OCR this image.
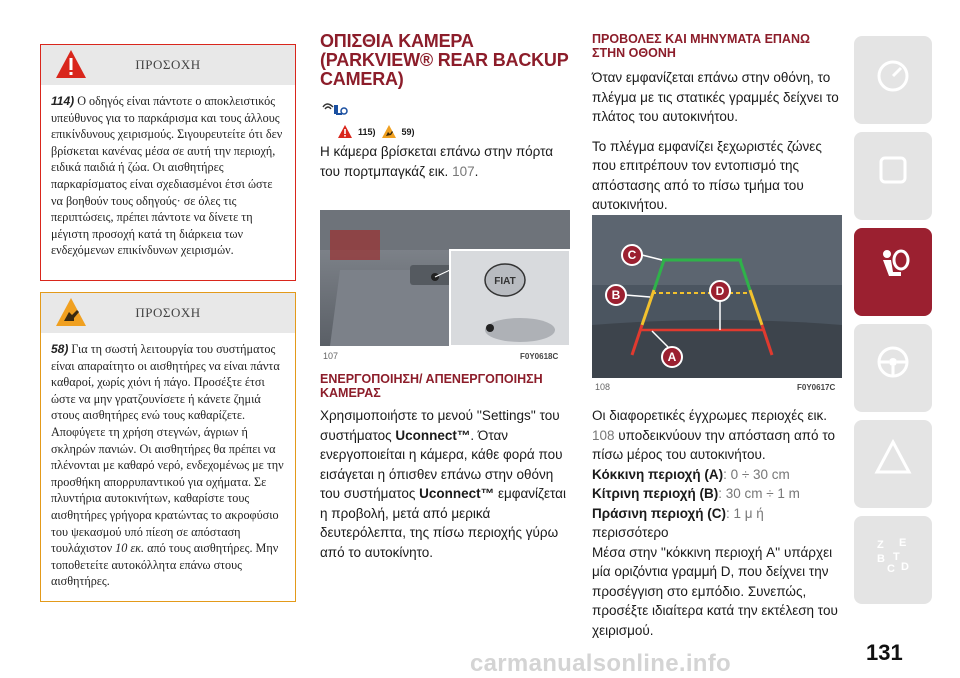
ΠΡΟΣΟΧΗ
114) Ο οδηγός είναι πάντοτε ο αποκλειστικός υπεύθυνος για το παρκάρισμα και τους άλλους επικίνδυνους χειρισμούς. Σιγουρευτείτε ότι δεν βρίσκεται κανένας μέσα σε αυτή την περιοχή, ειδικά παιδιά ή ζώα. Οι αισθητήρες παρκαρίσματος είναι σχεδιασμένοι έτσι ώστε να βοηθούν τους οδηγούς· σε όλες τις περιπτώσεις, πρέπει πάντοτε να δίνετε τη μέγιστη προσοχή κατά τη διάρκεια των ενδεχόμενων επικίνδυνων χειρισμών.
ΠΡΟΣΟΧΗ
58) Για τη σωστή λειτουργία του συστήματος είναι απαραίτητο οι αισθητήρες να είναι πάντα καθαροί, χωρίς χιόνι ή πάγο. Προσέξτε έτσι ώστε να μην γρατζουνίσετε ή κάνετε ζημιά στους αισθητήρες ενώ τους καθαρίζετε. Αποφύγετε τη χρήση στεγνών, άγριων ή σκληρών πανιών. Οι αισθητήρες θα πρέπει να πλένονται με καθαρό νερό, ενδεχομένως με την προσθήκη απορρυπαντικού για οχήματα. Σε πλυντήρια αυτοκινήτων, καθαρίστε τους αισθητήρες γρήγορα κρατώντας το ακροφύσιο του ψεκασμού υπό πίεση σε απόσταση τουλάχιστον 10 εκ. από τους αισθητήρες. Μην τοποθετείτε αυτοκόλλητα επάνω στους αισθητήρες.
ΟΠΙΣΘΙΑ ΚΑΜΕΡΑ (PARKVIEW® REAR BACKUP CAMERA)
115)	59)
Η κάμερα βρίσκεται επάνω στην πόρτα του πορτμπαγκάζ εικ. 107.
FIAT
107	F0Y0618C
ΕΝΕΡΓΟΠΟΙΗΣΗ/ ΑΠΕΝΕΡΓΟΠΟΙΗΣΗ ΚΑΜΕΡΑΣ
Χρησιμοποιήστε το μενού ''Settings'' του συστήματος Uconnect™. Όταν ενεργοποιείται η κάμερα, κάθε φορά που εισάγεται η όπισθεν επάνω στην οθόνη του συστήματος Uconnect™ εμφανίζεται η προβολή, μετά από μερικά δευτερόλεπτα, της πίσω περιοχής γύρω από το αυτοκίνητο.
ΠΡΟΒΟΛΕΣ ΚΑΙ ΜΗΝΥΜΑΤΑ ΕΠΑΝΩ ΣΤΗΝ ΟΘΟΝΗ
Όταν εμφανίζεται επάνω στην οθόνη, το πλέγμα με τις στατικές γραμμές δείχνει το πλάτος του αυτοκινήτου.
Το πλέγμα εμφανίζει ξεχωριστές ζώνες που επιτρέπουν τον εντοπισμό της απόστασης από το πίσω τμήμα του αυτοκινήτου.
C
B	D
A
108	F0Y0617C
Οι διαφορετικές έγχρωμες περιοχές εικ. 108 υποδεικνύουν την απόσταση από το πίσω μέρος του αυτοκινήτου.
Κόκκινη περιοχή (A): 0 ÷ 30 cm
Κίτρινη περιοχή (B): 30 cm ÷ 1 m
Πράσινη περιοχή (C): 1 μ ή
περισσότερο
Μέσα στην ''κόκκινη περιοχή A'' υπάρχει μία οριζόντια γραμμή D, που δείχνει την προσέγγιση στο εμπόδιο. Συνεπώς, προσέξτε ιδιαίτερα κατά την εκτέλεση του χειρισμού.
Z E
B
C
T
D
131
carmanualsonline.info
